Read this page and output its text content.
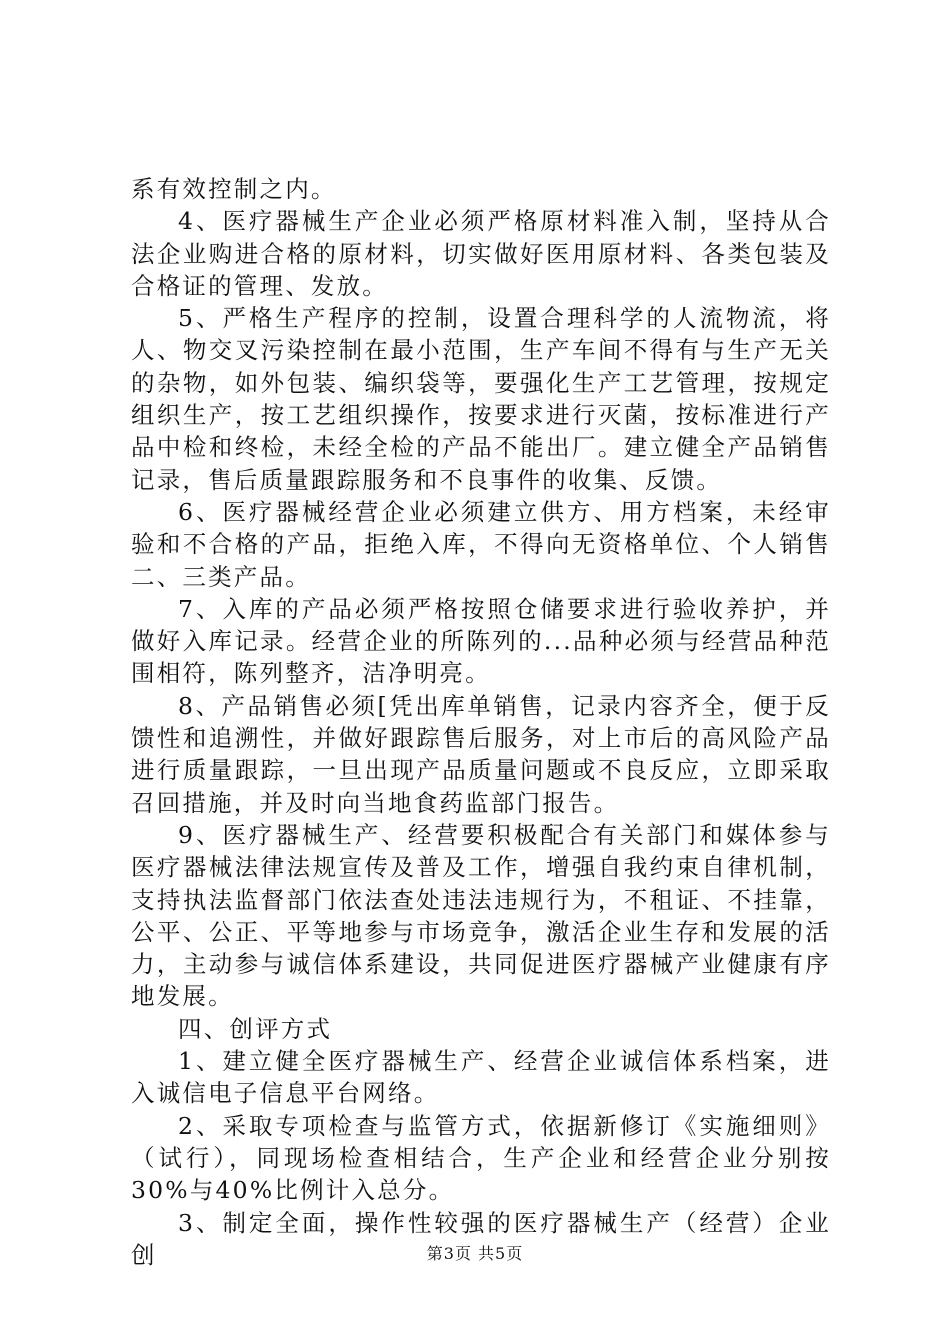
系有效控制之内。

4、医疗器械生产企业必须严格原材料准入制，坚持从合法企业购进合格的原材料，切实做好医用原材料、各类包装及合格证的管理、发放。

5、严格生产程序的控制，设置合理科学的人流物流，将人、物交叉污染控制在最小范围，生产车间不得有与生产无关的杂物，如外包装、编织袋等，要强化生产工艺管理，按规定组织生产，按工艺组织操作，按要求进行灭菌，按标准进行产品中检和终检，未经全检的产品不能出厂。建立健全产品销售记录，售后质量跟踪服务和不良事件的收集、反馈。

6、医疗器械经营企业必须建立供方、用方档案，未经审验和不合格的产品，拒绝入库，不得向无资格单位、个人销售二、三类产品。

7、入库的产品必须严格按照仓储要求进行验收养护，并做好入库记录。经营企业的所陈列的...品种必须与经营品种范围相符，陈列整齐，洁净明亮。

8、产品销售必须[凭出库单销售，记录内容齐全，便于反馈性和追溯性，并做好跟踪售后服务，对上市后的高风险产品进行质量跟踪，一旦出现产品质量问题或不良反应，立即采取召回措施，并及时向当地食药监部门报告。

9、医疗器械生产、经营要积极配合有关部门和媒体参与医疗器械法律法规宣传及普及工作，增强自我约束自律机制，支持执法监督部门依法查处违法违规行为，不租证、不挂靠，公平、公正、平等地参与市场竞争，激活企业生存和发展的活力，主动参与诚信体系建设，共同促进医疗器械产业健康有序地发展。

四、创评方式

1、建立健全医疗器械生产、经营企业诚信体系档案，进入诚信电子信息平台网络。

2、采取专项检查与监管方式，依据新修订《实施细则》（试行），同现场检查相结合，生产企业和经营企业分别按30%与40%比例计入总分。

3、制定全面，操作性较强的医疗器械生产（经营）企业创	第3页 共5页
